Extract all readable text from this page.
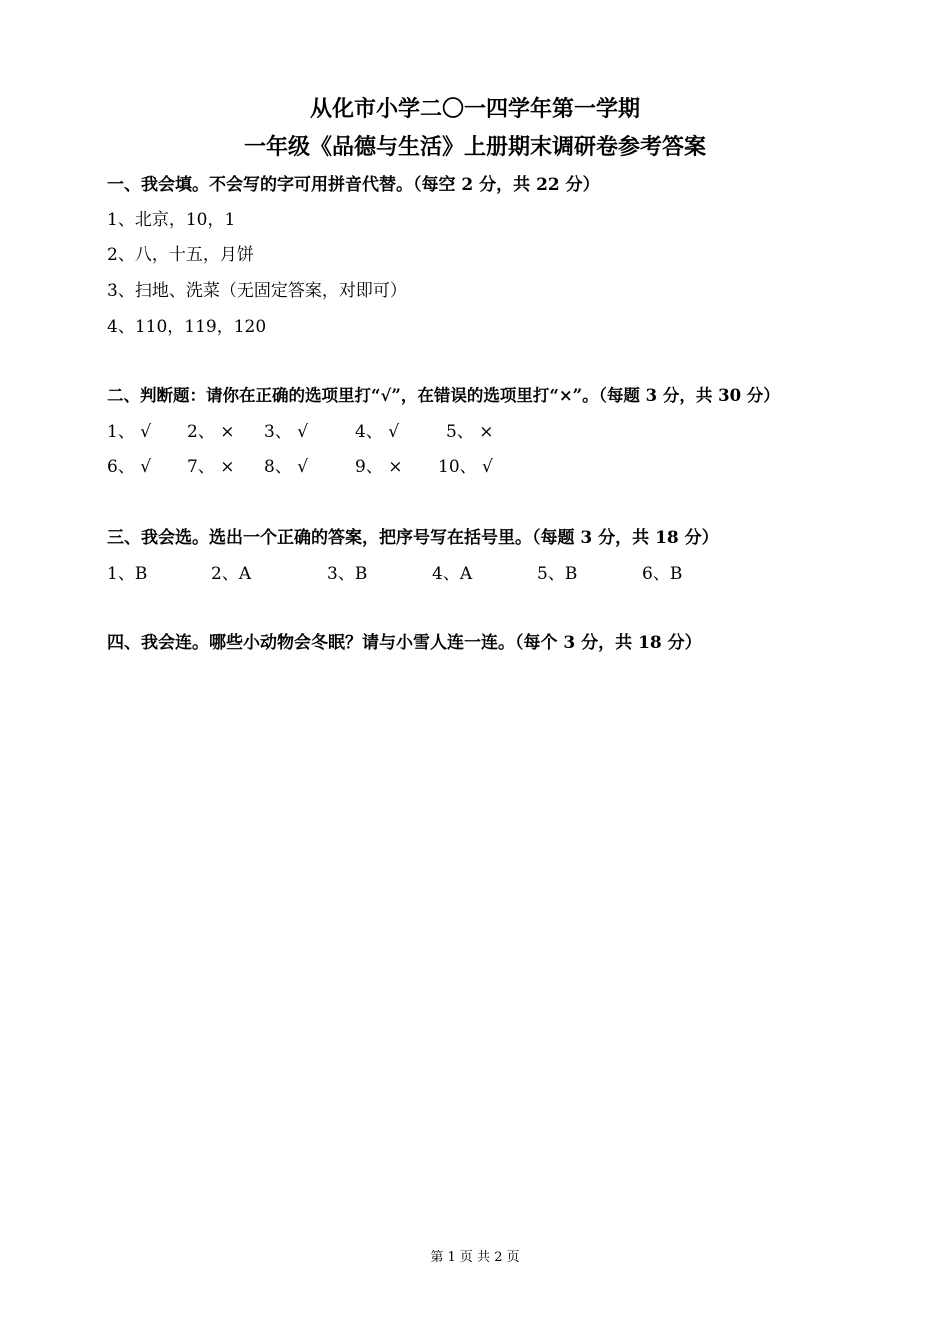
从化市小学二〇一四学年第一学期
一年级《品德与生活》上册期末调研卷参考答案
一、我会填。不会写的字可用拼音代替。（每空 2 分，共 22 分）
1、北京，10，1
2、八，十五，月饼
3、扫地、洗菜（无固定答案，对即可）
4、110，119，120
二、判断题：请你在正确的选项里打“√”，在错误的选项里打“×”。（每题 3 分，共 30 分）
1、 √ 2、 × 3、 √	4、 √	5、 ×
6、 √ 7、 × 8、 √	9、 × 10、 √
三、我会选。选出一个正确的答案，把序号写在括号里。（每题 3 分，共 18 分）
1、B	2、A	3、B	4、A	5、B	6、B
四、我会连。哪些小动物会冬眠？请与小雪人连一连。（每个 3 分，共 18 分）
第 1 页 共 2 页
